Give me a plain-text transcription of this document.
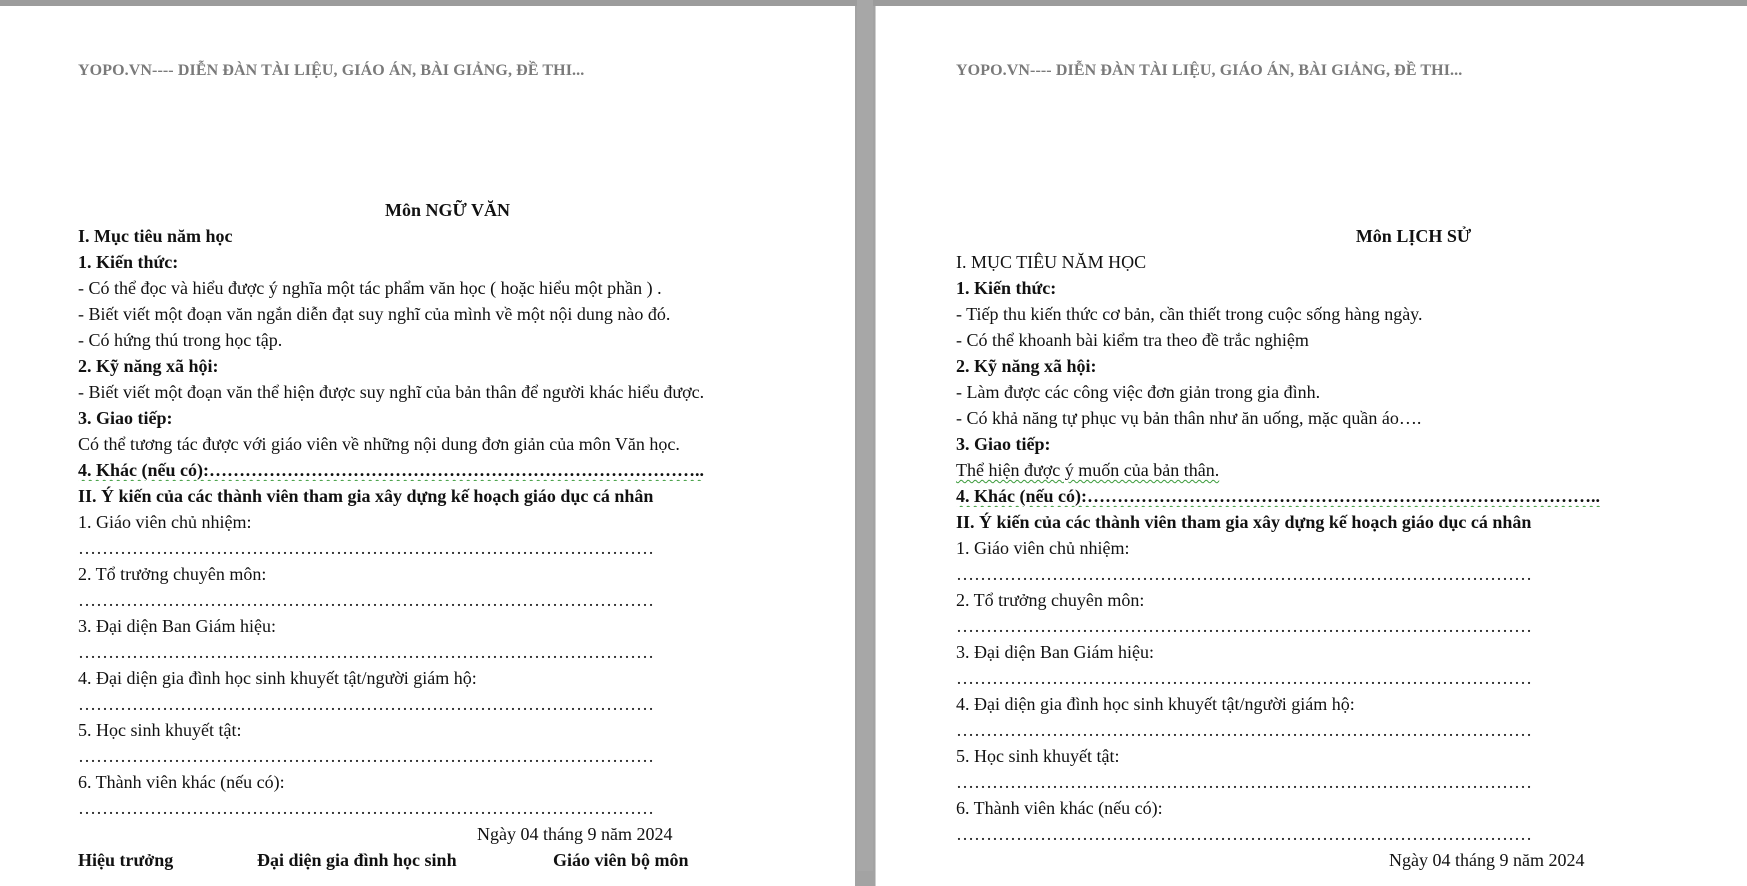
YOPO.VN---- DIỄN ĐÀN TÀI LIỆU, GIÁO ÁN, BÀI GIẢNG, ĐỀ THI...
Môn NGỮ VĂN
I. Mục tiêu năm học
1. Kiến thức:
- Có thể đọc và hiểu được ý nghĩa một tác phẩm văn học ( hoặc hiểu một phần ) .
- Biết viết một đoạn văn ngắn diễn đạt suy nghĩ của mình về một nội dung nào đó.
- Có hứng thú trong học tập.
2. Kỹ năng xã hội:
- Biết viết một đoạn văn thể hiện được suy nghĩ của bản thân để người khác hiểu được.
3. Giao tiếp:
Có thể tương tác được với giáo viên về những nội dung đơn giản của môn Văn học.
4. Khác (nếu có):………………………………………………………………………..
II. Ý kiến của các thành viên tham gia xây dựng kế hoạch giáo dục cá nhân
1. Giáo viên chủ nhiệm:
……………………………………………………………………………………
2. Tổ trưởng chuyên môn:
……………………………………………………………………………………
3. Đại diện Ban Giám hiệu:
……………………………………………………………………………………
4. Đại diện gia đình học sinh khuyết tật/người giám hộ:
……………………………………………………………………………………
5. Học sinh khuyết tật:
……………………………………………………………………………………
6. Thành viên khác (nếu có):
……………………………………………………………………………………
Ngày 04 tháng 9 năm 2024
Hiệu trưởng	Đại diện gia đình học sinh	Giáo viên bộ môn
YOPO.VN---- DIỄN ĐÀN TÀI LIỆU, GIÁO ÁN, BÀI GIẢNG, ĐỀ THI...
Môn LỊCH SỬ
I. MỤC TIÊU NĂM HỌC
1. Kiến thức:
- Tiếp thu kiến thức cơ bản, cần thiết trong cuộc sống hàng ngày.
- Có thể khoanh bài kiểm tra theo đề trắc nghiệm
2. Kỹ năng xã hội:
- Làm được các công việc đơn giản trong gia đình.
- Có khả năng tự phục vụ bản thân như ăn uống, mặc quần áo….
3. Giao tiếp:
Thể hiện được ý muốn của bản thân.
4. Khác (nếu có):…………………………………………………………………………..
II. Ý kiến của các thành viên tham gia xây dựng kế hoạch giáo dục cá nhân
1. Giáo viên chủ nhiệm:
……………………………………………………………………………………
2. Tổ trưởng chuyên môn:
……………………………………………………………………………………
3. Đại diện Ban Giám hiệu:
……………………………………………………………………………………
4. Đại diện gia đình học sinh khuyết tật/người giám hộ:
……………………………………………………………………………………
5. Học sinh khuyết tật:
……………………………………………………………………………………
6. Thành viên khác (nếu có):
……………………………………………………………………………………
Ngày 04 tháng 9 năm 2024
